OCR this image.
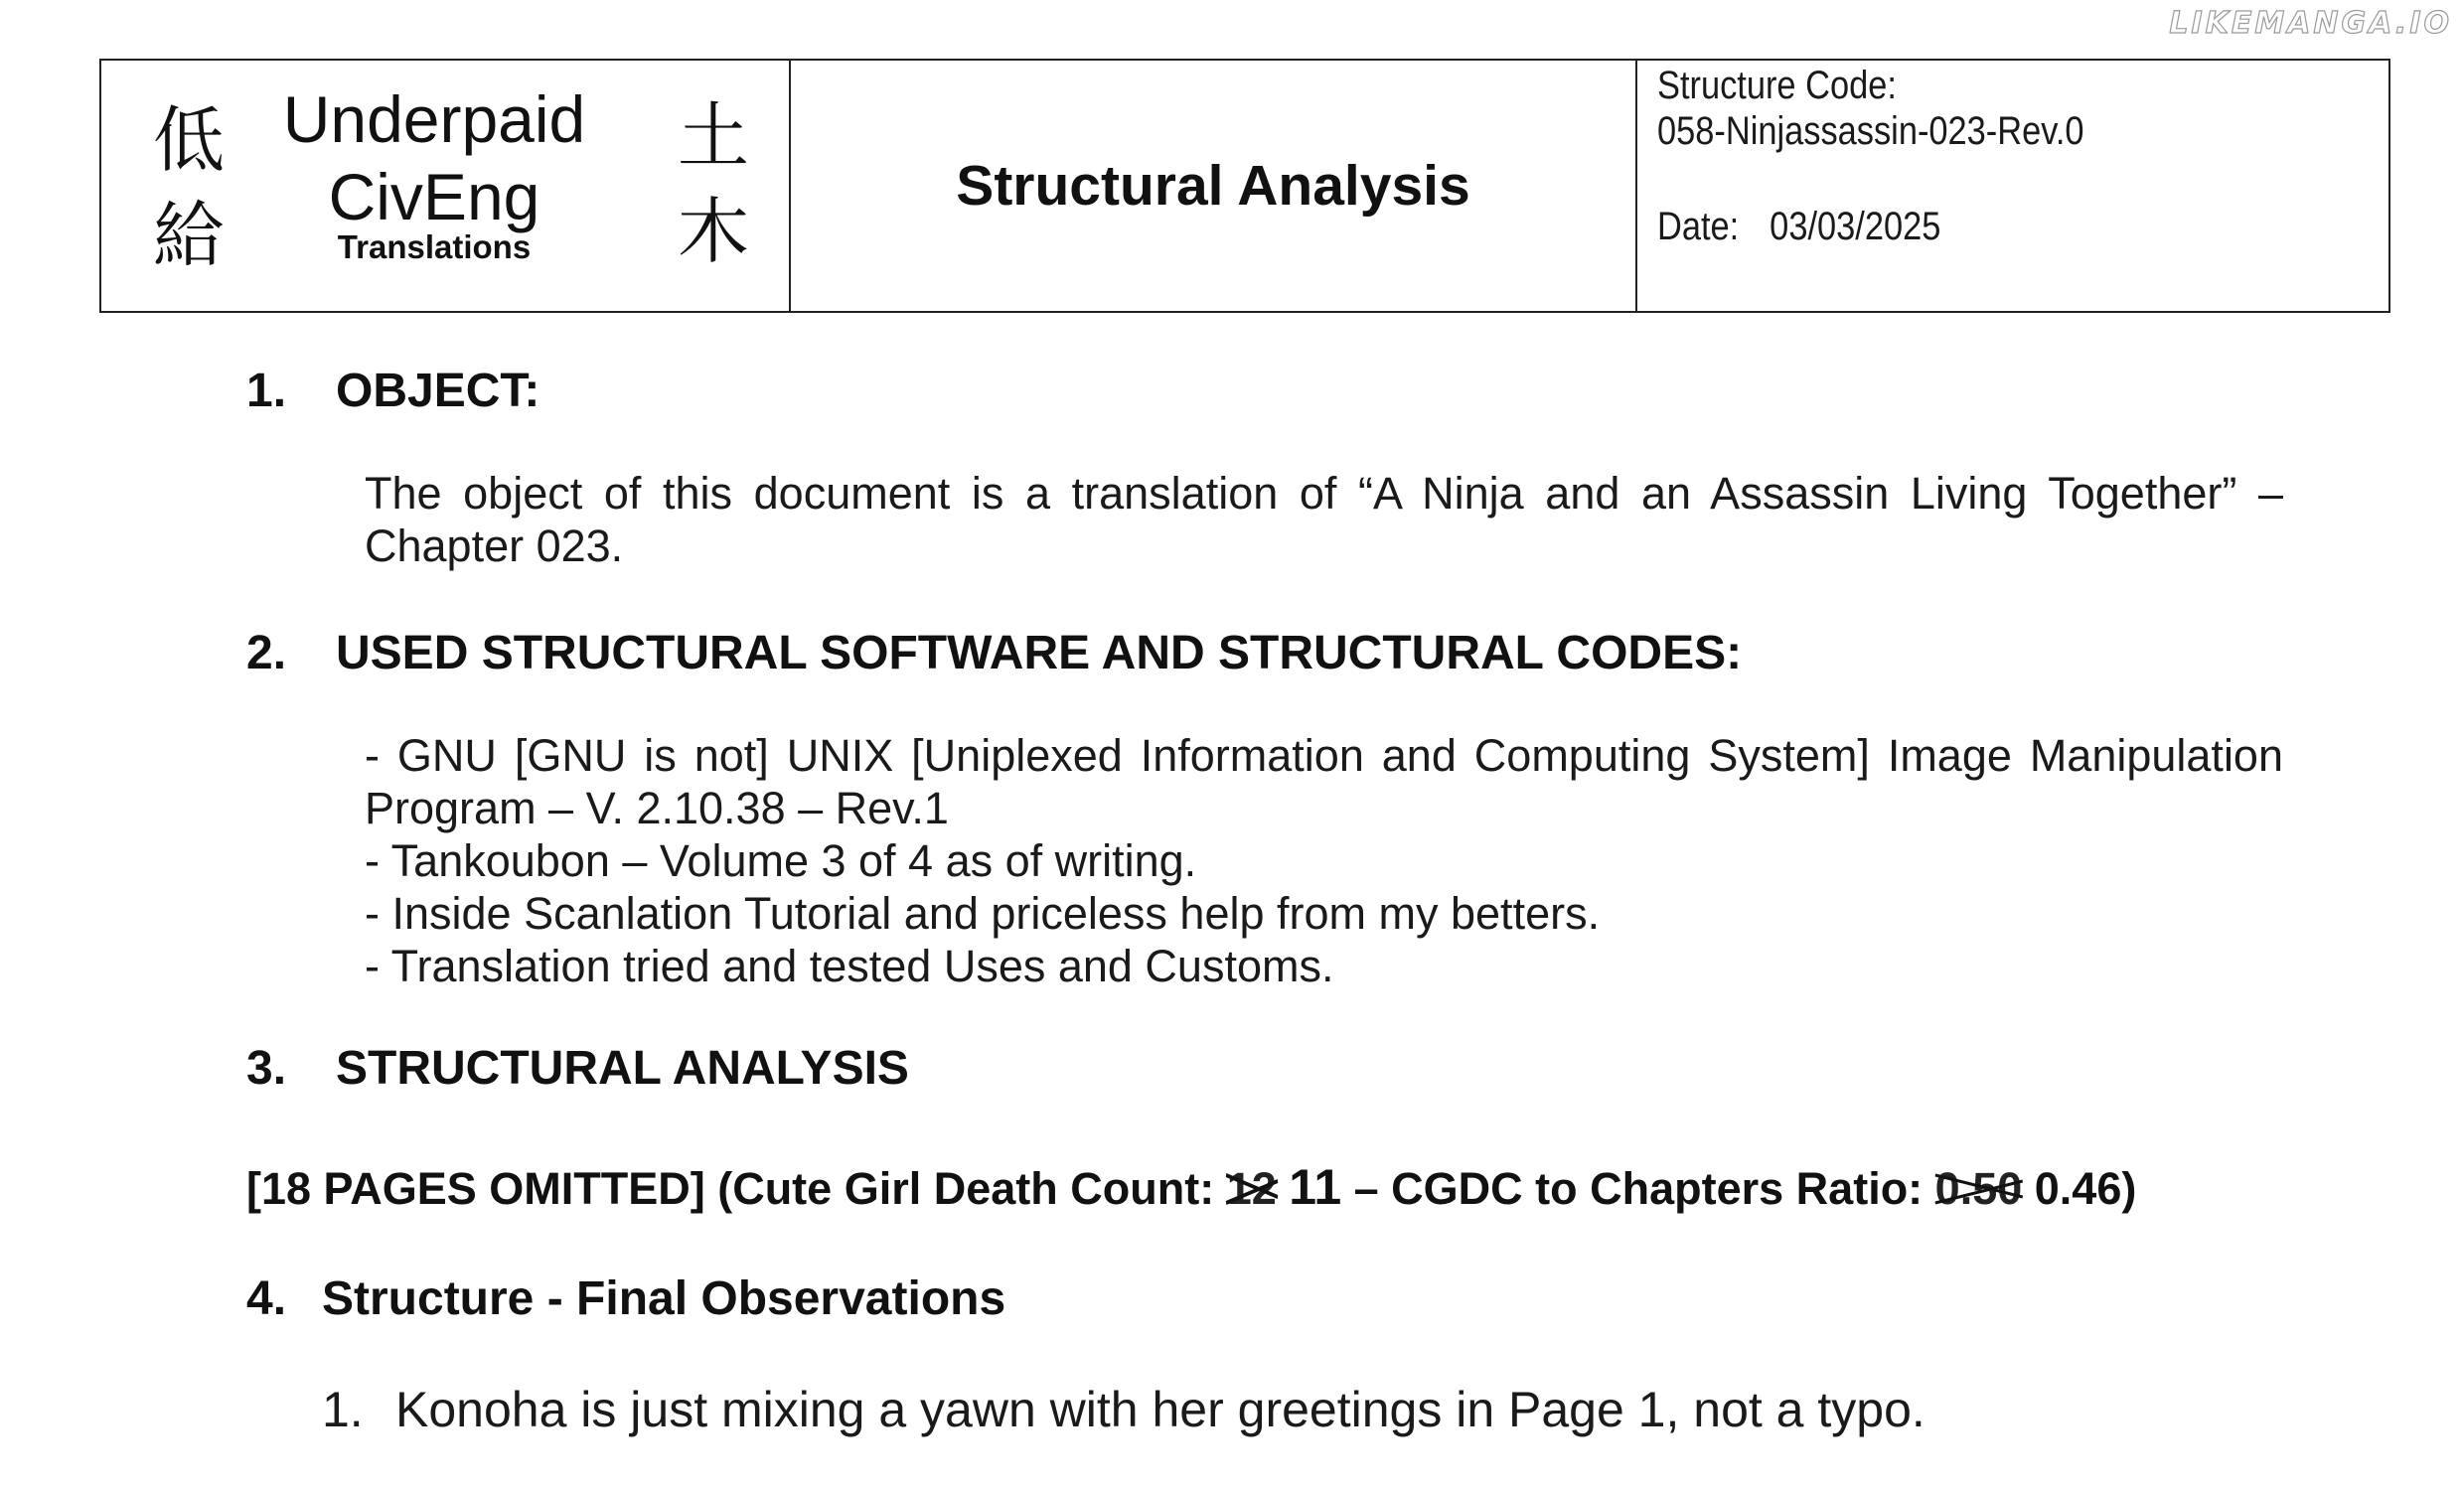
LIKEMANGA.IO
低
給
Underpaid
CivEng
Translations
土
木
Structural Analysis
Structure Code:
058-Ninjassassin-023-Rev.0
Date: 03/03/2025
1. OBJECT:
The object of this document is a translation of “A Ninja and an Assassin Living Together” –
Chapter 023.
2. USED STRUCTURAL SOFTWARE AND STRUCTURAL CODES:
- GNU [GNU is not] UNIX [Uniplexed Information and Computing System] Image Manipulation
Program – V. 2.10.38 – Rev.1
- Tankoubon – Volume 3 of 4 as of writing.
- Inside Scanlation Tutorial and priceless help from my betters.
- Translation tried and tested Uses and Customs.
3. STRUCTURAL ANALYSIS
[18 PAGES OMITTED] (Cute Girl Death Count: 12 11 – CGDC to Chapters Ratio: 0.50 0.46)
4. Structure - Final Observations
1. Konoha is just mixing a yawn with her greetings in Page 1, not a typo.
